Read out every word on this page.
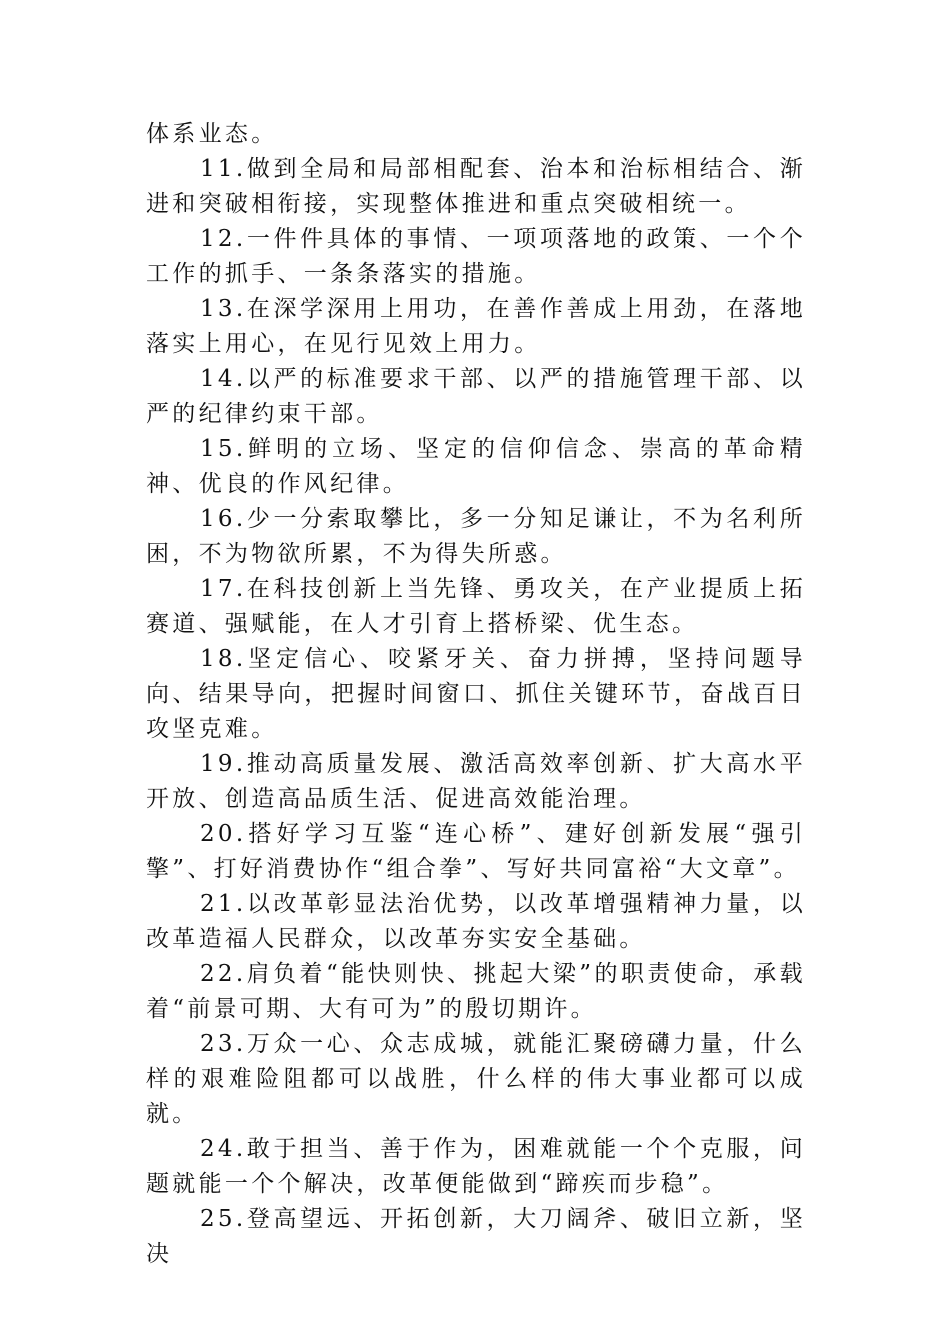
体系业态。

11.做到全局和局部相配套、治本和治标相结合、渐进和突破相衔接，实现整体推进和重点突破相统一。

12.一件件具体的事情、一项项落地的政策、一个个工作的抓手、一条条落实的措施。

13.在深学深用上用功，在善作善成上用劲，在落地落实上用心，在见行见效上用力。

14.以严的标准要求干部、以严的措施管理干部、以严的纪律约束干部。

15.鲜明的立场、坚定的信仰信念、崇高的革命精神、优良的作风纪律。

16.少一分索取攀比，多一分知足谦让，不为名利所困，不为物欲所累，不为得失所惑。

17.在科技创新上当先锋、勇攻关，在产业提质上拓赛道、强赋能，在人才引育上搭桥梁、优生态。

18.坚定信心、咬紧牙关、奋力拼搏，坚持问题导向、结果导向，把握时间窗口、抓住关键环节，奋战百日攻坚克难。

19.推动高质量发展、激活高效率创新、扩大高水平开放、创造高品质生活、促进高效能治理。

20.搭好学习互鉴“连心桥”、建好创新发展“强引擎”、打好消费协作“组合拳”、写好共同富裕“大文章”。

21.以改革彰显法治优势，以改革增强精神力量，以改革造福人民群众，以改革夯实安全基础。

22.肩负着“能快则快、挑起大梁”的职责使命，承载着“前景可期、大有可为”的殷切期许。

23.万众一心、众志成城，就能汇聚磅礴力量，什么样的艰难险阻都可以战胜，什么样的伟大事业都可以成就。

24.敢于担当、善于作为，困难就能一个个克服，问题就能一个个解决，改革便能做到“蹄疾而步稳”。

25.登高望远、开拓创新，大刀阔斧、破旧立新，坚决
